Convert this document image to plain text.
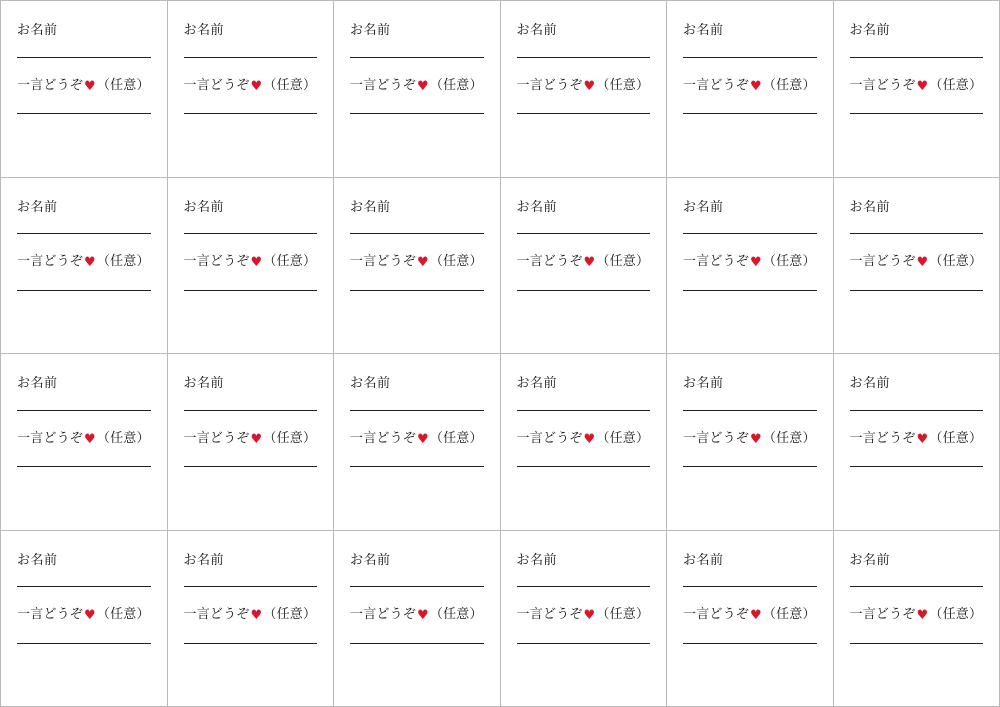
お名前
一言どうぞ ♥ （任意）
お名前
一言どうぞ ♥ （任意）
お名前
一言どうぞ ♥ （任意）
お名前
一言どうぞ ♥ （任意）
お名前
一言どうぞ ♥ （任意）
お名前
一言どうぞ ♥ （任意）
お名前
一言どうぞ ♥ （任意）
お名前
一言どうぞ ♥ （任意）
お名前
一言どうぞ ♥ （任意）
お名前
一言どうぞ ♥ （任意）
お名前
一言どうぞ ♥ （任意）
お名前
一言どうぞ ♥ （任意）
お名前
一言どうぞ ♥ （任意）
お名前
一言どうぞ ♥ （任意）
お名前
一言どうぞ ♥ （任意）
お名前
一言どうぞ ♥ （任意）
お名前
一言どうぞ ♥ （任意）
お名前
一言どうぞ ♥ （任意）
お名前
一言どうぞ ♥ （任意）
お名前
一言どうぞ ♥ （任意）
お名前
一言どうぞ ♥ （任意）
お名前
一言どうぞ ♥ （任意）
お名前
一言どうぞ ♥ （任意）
お名前
一言どうぞ ♥ （任意）
